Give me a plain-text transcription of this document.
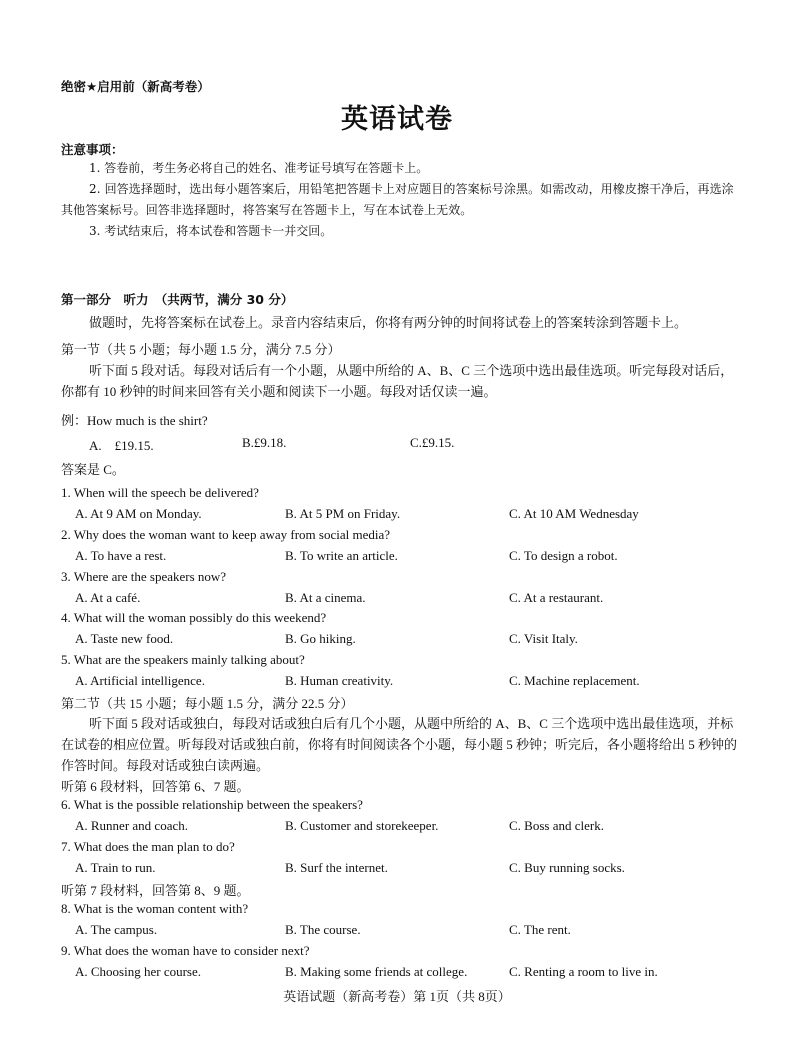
绝密★启用前（新高考卷）
英语试卷
注意事项：
1. 答卷前，考生务必将自己的姓名、准考证号填写在答题卡上。
2. 回答选择题时，选出每小题答案后，用铅笔把答题卡上对应题目的答案标号涂黑。如需改动，用橡皮擦干净后，再选涂其他答案标号。回答非选择题时，将答案写在答题卡上，写在本试卷上无效。
3. 考试结束后，将本试卷和答题卡一并交回。
第一部分　听力　（共两节，满分 30 分）
做题时，先将答案标在试卷上。录音内容结束后，你将有两分钟的时间将试卷上的答案转涂到答题卡上。
第一节（共 5 小题；每小题 1.5 分，满分 7.5 分）
听下面 5 段对话。每段对话后有一个小题，从题中所给的 A、B、C 三个选项中选出最佳选项。听完每段对话后，你都有 10 秒钟的时间来回答有关小题和阅读下一小题。每段对话仅读一遍。
例：How much is the shirt?
A.　£19.15.	B.£9.18.	C.£9.15.
答案是 C。
1. When will the speech be delivered?
A. At 9 AM on Monday.	B. At 5 PM on Friday.	C. At 10 AM Wednesday
2. Why does the woman want to keep away from social media?
A. To have a rest.	B. To write an article.	C. To design a robot.
3. Where are the speakers now?
A. At a café.	B. At a cinema.	C. At a restaurant.
4. What will the woman possibly do this weekend?
A. Taste new food.	B. Go hiking.	C. Visit Italy.
5. What are the speakers mainly talking about?
A. Artificial intelligence.	B. Human creativity.	C. Machine replacement.
第二节（共 15 小题；每小题 1.5 分，满分 22.5 分）
听下面 5 段对话或独白，每段对话或独白后有几个小题，从题中所给的 A、B、C 三个选项中选出最佳选项，并标在试卷的相应位置。听每段对话或独白前，你将有时间阅读各个小题，每小题 5 秒钟；听完后，各小题将给出 5 秒钟的作答时间。每段对话或独白读两遍。
听第 6 段材料，回答第 6、7 题。
6. What is the possible relationship between the speakers?
A. Runner and coach.	B. Customer and storekeeper.	C. Boss and clerk.
7. What does the man plan to do?
A. Train to run.	B. Surf the internet.	C. Buy running socks.
听第 7 段材料，回答第 8、9 题。
8. What is the woman content with?
A. The campus.	B. The course.	C. The rent.
9. What does the woman have to consider next?
A. Choosing her course.	B. Making some friends at college.	C. Renting a room to live in.
英语试题（新高考卷）第 1页（共 8页）
